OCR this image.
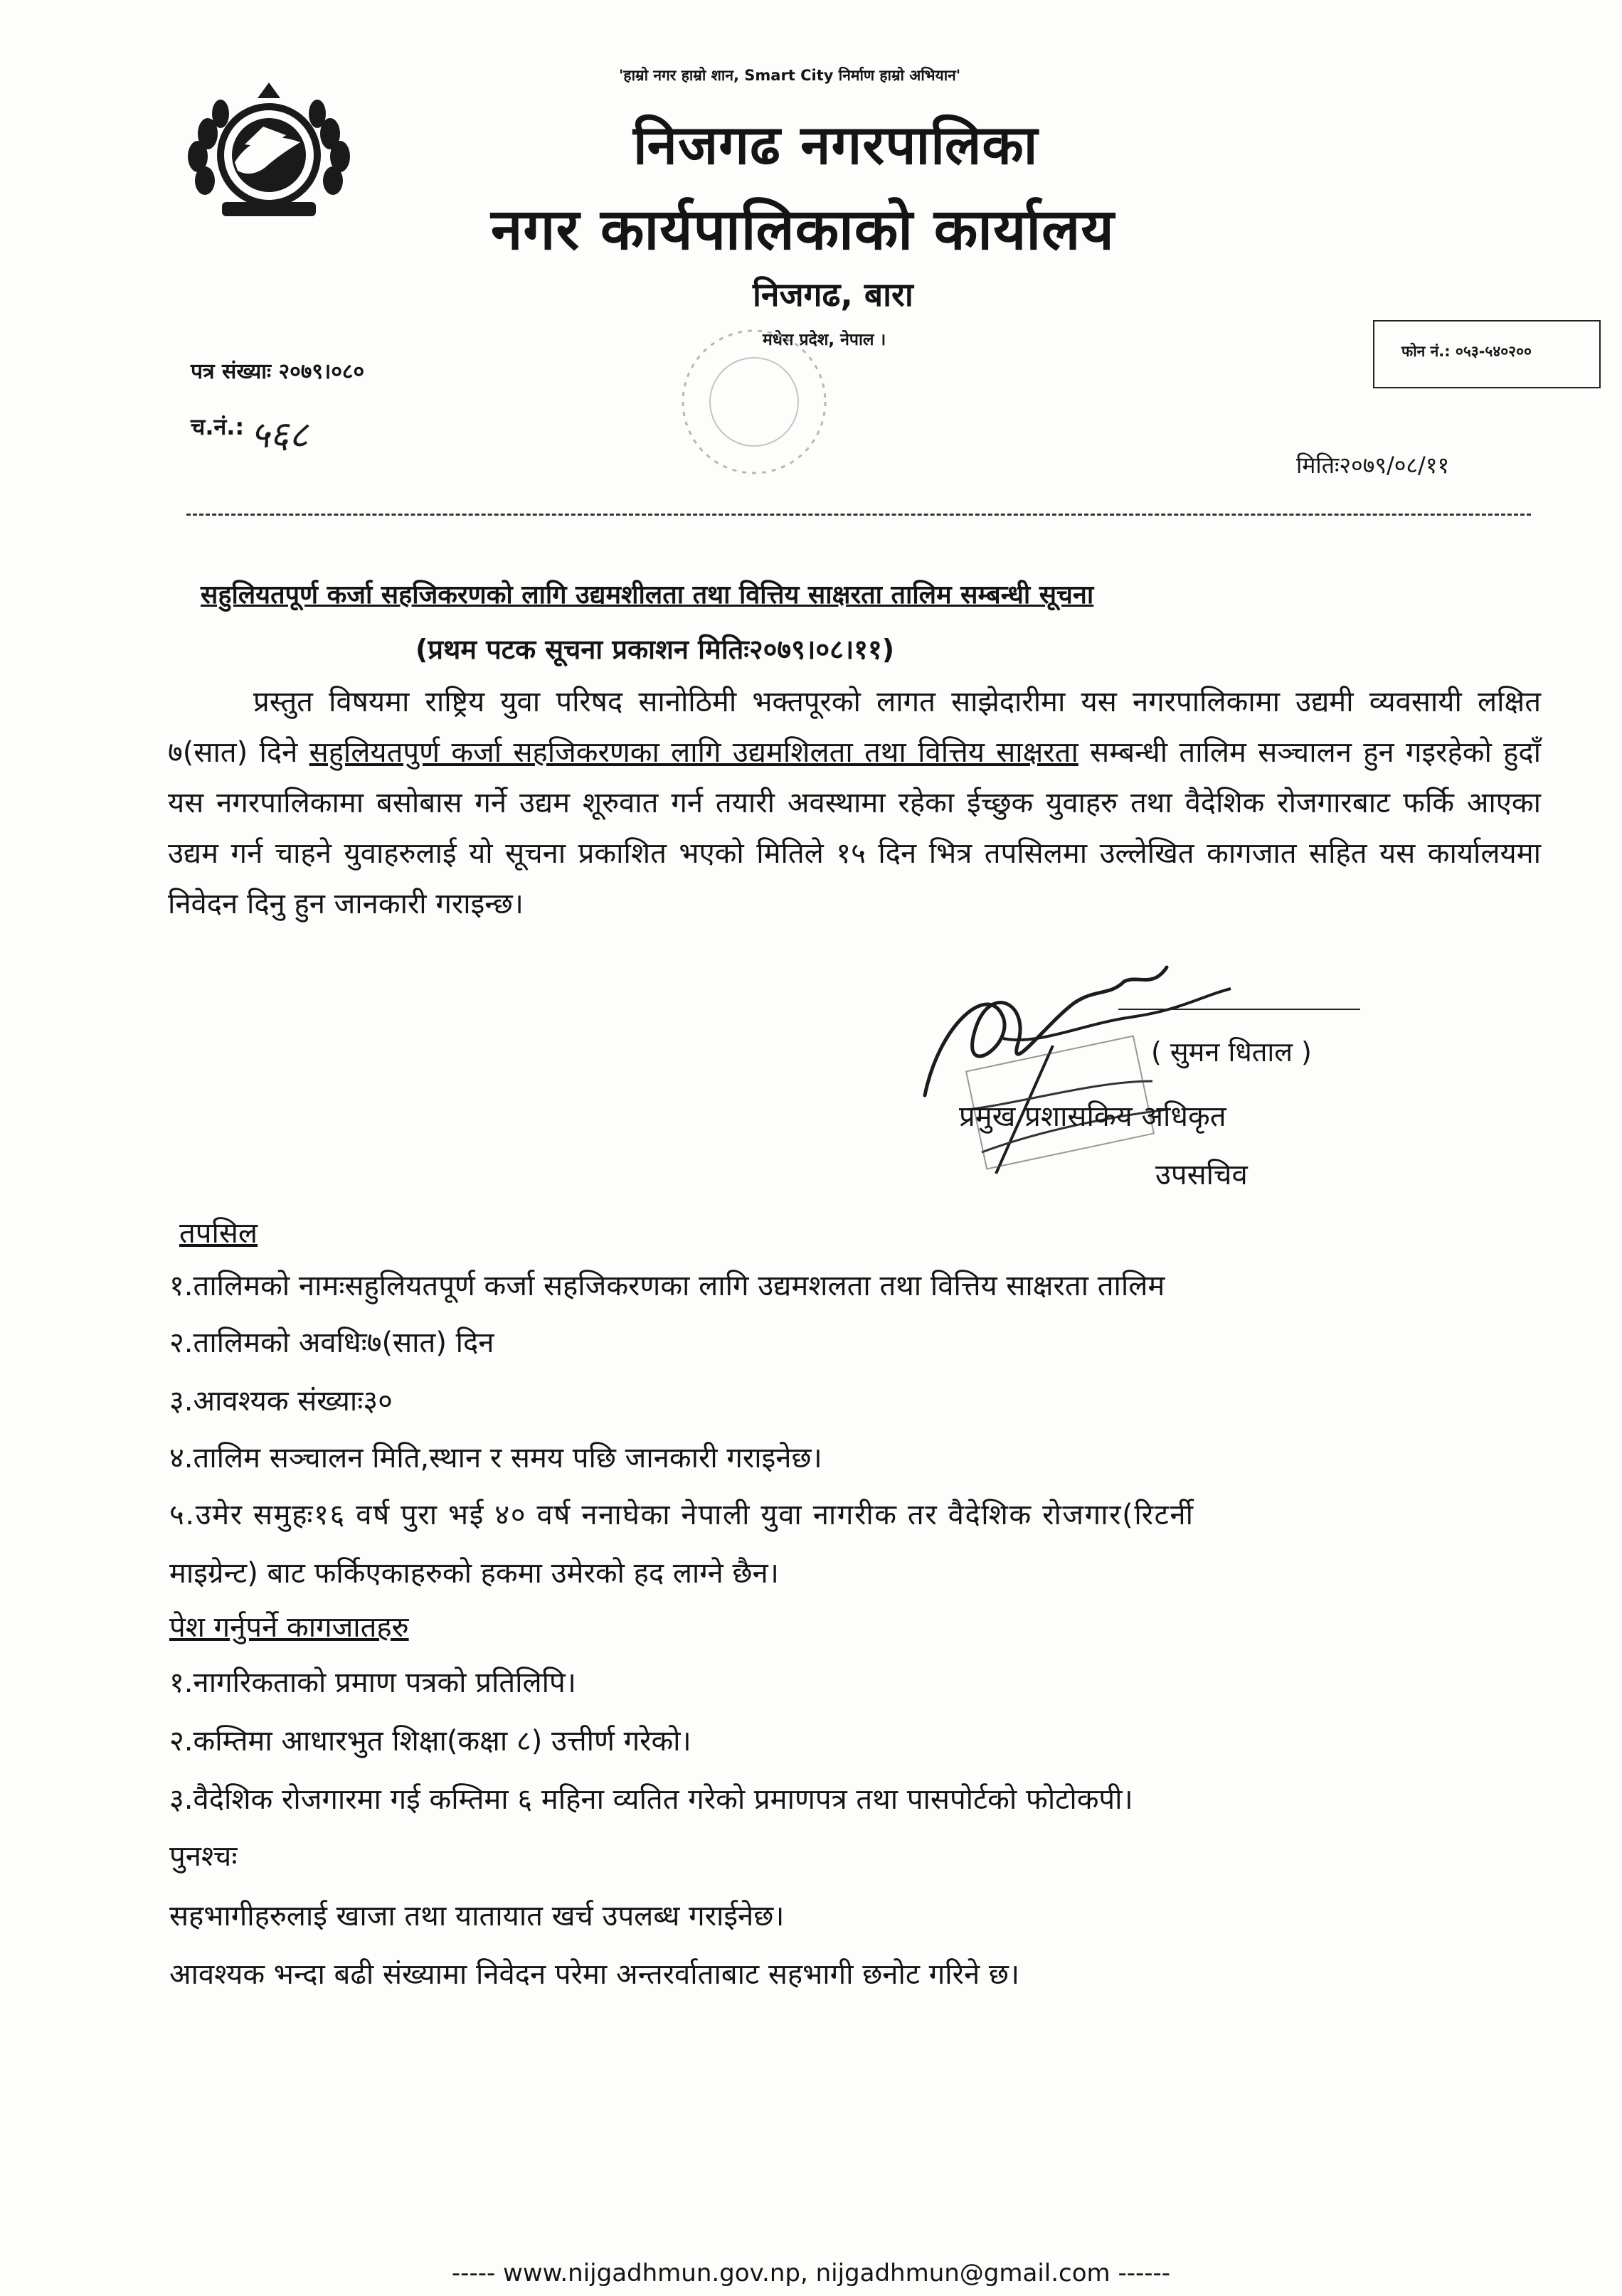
'हाम्रो नगर हाम्रो शान, Smart City निर्माण हाम्रो अभियान'
निजगढ नगरपालिका
नगर कार्यपालिकाको कार्यालय
निजगढ, बारा
मधेस प्रदेश, नेपाल ।
फोन नं.: ०५३-५४०२००
पत्र संख्याः २०७९।०८०
च.नं.: ५६८
मितिः२०७९/०८/११
सहुलियतपूर्ण कर्जा सहजिकरणको लागि उद्यमशीलता तथा वित्तिय साक्षरता तालिम सम्बन्धी सूचना
(प्रथम पटक सूचना प्रकाशन मितिः२०७९।०८।११)
प्रस्तुत विषयमा राष्ट्रिय युवा परिषद सानोठिमी भक्तपूरको लागत साझेदारीमा यस नगरपालिकामा उद्यमी व्यवसायी लक्षित ७(सात) दिने सहुलियतपुर्ण कर्जा सहजिकरणका लागि उद्यमशिलता तथा वित्तिय साक्षरता सम्बन्धी तालिम सञ्चालन हुन गइरहेको हुदाँ यस नगरपालिकामा बसोबास गर्ने उद्यम शूरुवात गर्न तयारी अवस्थामा रहेका ईच्छुक युवाहरु तथा वैदेशिक रोजगारबाट फर्कि आएका उद्यम गर्न चाहने युवाहरुलाई यो सूचना प्रकाशित भएको मितिले १५ दिन भित्र तपसिलमा उल्लेखित कागजात सहित यस कार्यालयमा निवेदन दिनु हुन जानकारी गराइन्छ।
( सुमन धिताल )
प्रमुख प्रशासकिय अधिकृत
उपसचिव
तपसिल
१.तालिमको नामःसहुलियतपूर्ण कर्जा सहजिकरणका लागि उद्यमशलता तथा वित्तिय साक्षरता तालिम
२.तालिमको अवधिः७(सात) दिन
३.आवश्यक संख्याः३०
४.तालिम सञ्चालन मिति,स्थान र समय पछि जानकारी गराइनेछ।
५.उमेर समुहः१६ वर्ष पुरा भई ४० वर्ष ननाघेका नेपाली युवा नागरीक तर वैदेशिक रोजगार(रिटर्नी
माइग्रेन्ट) बाट फर्किएकाहरुको हकमा उमेरको हद लाग्ने छैन।
पेश गर्नुपर्ने कागजातहरु
१.नागरिकताको प्रमाण पत्रको प्रतिलिपि।
२.कम्तिमा आधारभुत शिक्षा(कक्षा ८) उत्तीर्ण गरेको।
३.वैदेशिक रोजगारमा गई कम्तिमा ६ महिना व्यतित गरेको प्रमाणपत्र तथा पासपोर्टको फोटोकपी।
पुनश्चः
सहभागीहरुलाई खाजा तथा यातायात खर्च उपलब्ध गराईनेछ।
आवश्यक भन्दा बढी संख्यामा निवेदन परेमा अन्तरर्वाताबाट सहभागी छनोट गरिने छ।
----- www.nijgadhmun.gov.np, nijgadhmun@gmail.com ------
